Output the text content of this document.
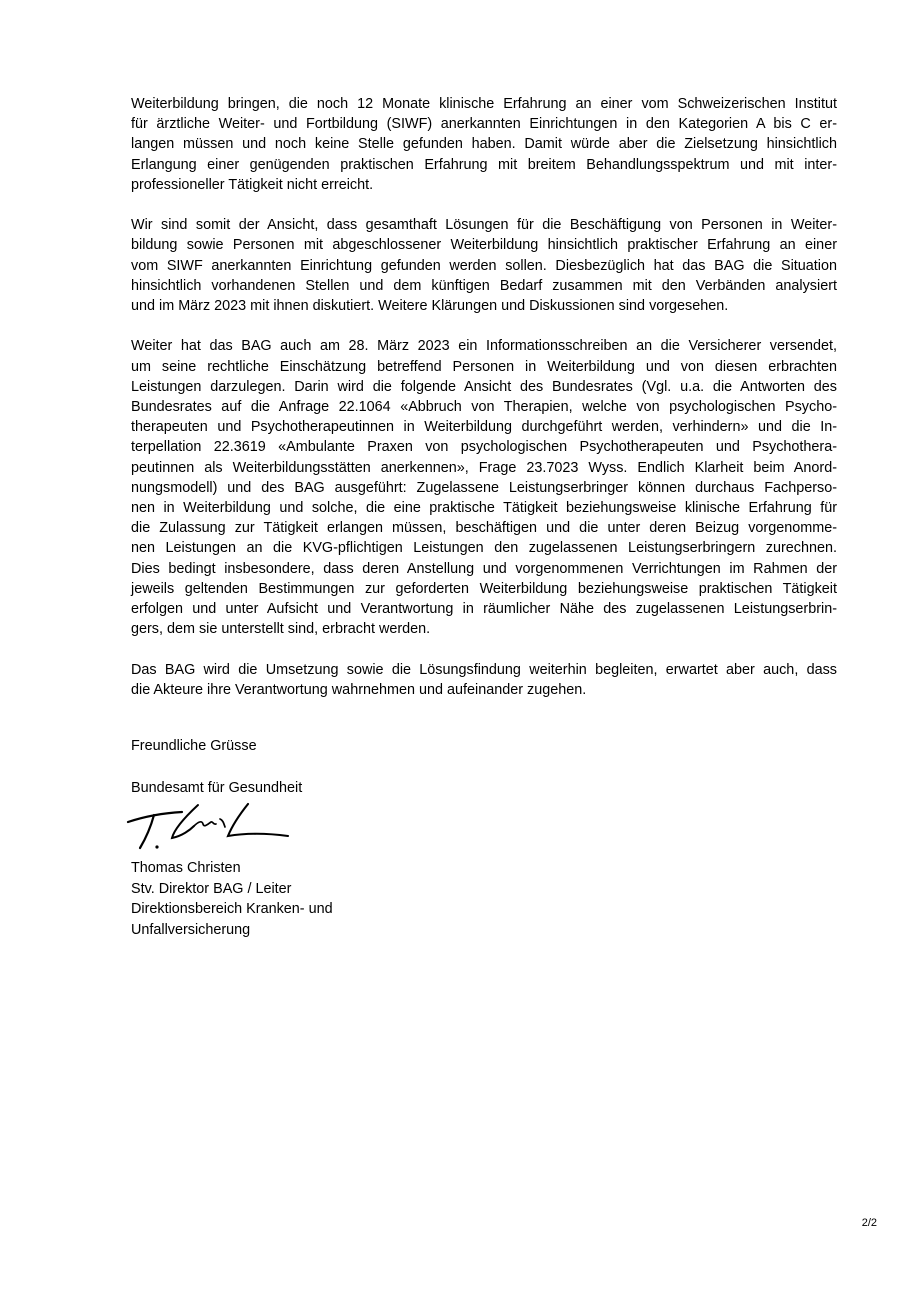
Weiterbildung bringen, die noch 12 Monate klinische Erfahrung an einer vom Schweizerischen Institut
für ärztliche Weiter- und Fortbildung (SIWF) anerkannten Einrichtungen in den Kategorien A bis C er-
langen müssen und noch keine Stelle gefunden haben. Damit würde aber die Zielsetzung hinsichtlich
Erlangung einer genügenden praktischen Erfahrung mit breitem Behandlungsspektrum und mit inter-
professioneller Tätigkeit nicht erreicht.

Wir sind somit der Ansicht, dass gesamthaft Lösungen für die Beschäftigung von Personen in Weiter-
bildung sowie Personen mit abgeschlossener Weiterbildung hinsichtlich praktischer Erfahrung an einer
vom SIWF anerkannten Einrichtung gefunden werden sollen. Diesbezüglich hat das BAG die Situation
hinsichtlich vorhandenen Stellen und dem künftigen Bedarf zusammen mit den Verbänden analysiert
und im März 2023 mit ihnen diskutiert. Weitere Klärungen und Diskussionen sind vorgesehen.

Weiter hat das BAG auch am 28. März 2023 ein Informationsschreiben an die Versicherer versendet,
um seine rechtliche Einschätzung betreffend Personen in Weiterbildung und von diesen erbrachten
Leistungen darzulegen. Darin wird die folgende Ansicht des Bundesrates (Vgl. u.a. die Antworten des
Bundesrates auf die Anfrage 22.1064 «Abbruch von Therapien, welche von psychologischen Psycho-
therapeuten und Psychotherapeutinnen in Weiterbildung durchgeführt werden, verhindern» und die In-
terpellation 22.3619 «Ambulante Praxen von psychologischen Psychotherapeuten und Psychothera-
peutinnen als Weiterbildungsstätten anerkennen», Frage 23.7023 Wyss. Endlich Klarheit beim Anord-
nungsmodell) und des BAG ausgeführt: Zugelassene Leistungserbringer können durchaus Fachperso-
nen in Weiterbildung und solche, die eine praktische Tätigkeit beziehungsweise klinische Erfahrung für
die Zulassung zur Tätigkeit erlangen müssen, beschäftigen und die unter deren Beizug vorgenomme-
nen Leistungen an die KVG-pflichtigen Leistungen den zugelassenen Leistungserbringern zurechnen.
Dies bedingt insbesondere, dass deren Anstellung und vorgenommenen Verrichtungen im Rahmen der
jeweils geltenden Bestimmungen zur geforderten Weiterbildung beziehungsweise praktischen Tätigkeit
erfolgen und unter Aufsicht und Verantwortung in räumlicher Nähe des zugelassenen Leistungserbrin-
gers, dem sie unterstellt sind, erbracht werden.

Das BAG wird die Umsetzung sowie die Lösungsfindung weiterhin begleiten, erwartet aber auch, dass
die Akteure ihre Verantwortung wahrnehmen und aufeinander zugehen.

Freundliche Grüsse
Bundesamt für Gesundheit
Thomas Christen
Stv. Direktor BAG / Leiter
Direktionsbereich Kranken- und
Unfallversicherung
2/2
